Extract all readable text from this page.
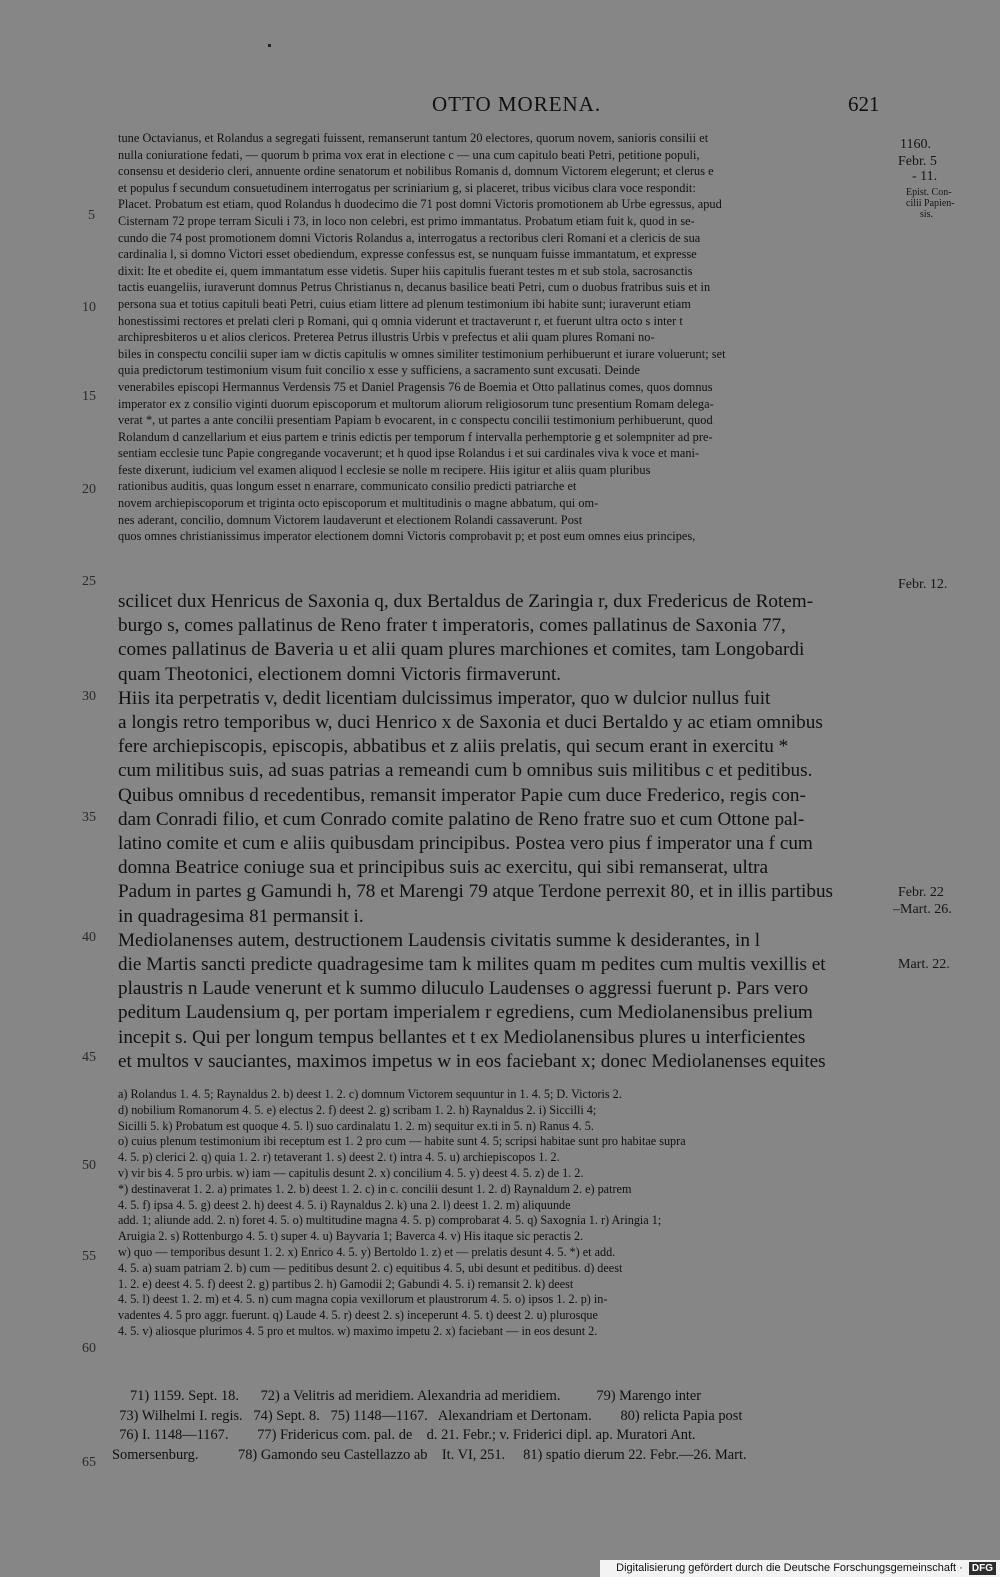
OTTO MORENA.	621
5
10
15
20
25
30
35
40
45
50
55
60
65
1160.
Febr. 5
- 11.
Epist. Con-
cilii Papien-
sis.
Febr. 12.
Febr. 22
–Mart. 26.
Mart. 22.
tune Octavianus, et Rolandus a segregati fuissent, remanserunt tantum 20 electores, quorum novem, sanioris consilii et
nulla coniuratione fedati, — quorum b prima vox erat in electione c — una cum capitulo beati Petri, petitione populi,
consensu et desiderio cleri, annuente ordine senatorum et nobilibus Romanis d, domnum Victorem elegerunt; et clerus e
et populus f secundum consuetudinem interrogatus per scriniarium g, si placeret, tribus vicibus clara voce respondit:
Placet. Probatum est etiam, quod Rolandus h duodecimo die 71 post domni Victoris promotionem ab Urbe egressus, apud
Cisternam 72 prope terram Siculi i 73, in loco non celebri, est primo immantatus. Probatum etiam fuit k, quod in se-
cundo die 74 post promotionem domni Victoris Rolandus a, interrogatus a rectoribus cleri Romani et a clericis de sua
cardinalia l, si domno Victori esset obediendum, expresse confessus est, se nunquam fuisse immantatum, et expresse
dixit: Ite et obedite ei, quem immantatum esse videtis. Super hiis capitulis fuerant testes m et sub stola, sacrosanctis
tactis euangeliis, iuraverunt domnus Petrus Christianus n, decanus basilice beati Petri, cum o duobus fratribus suis et in
persona sua et totius capituli beati Petri, cuius etiam littere ad plenum testimonium ibi habite sunt; iuraverunt etiam
honestissimi rectores et prelati cleri p Romani, qui q omnia viderunt et tractaverunt r, et fuerunt ultra octo s inter t
archipresbiteros u et alios clericos. Preterea Petrus illustris Urbis v prefectus et alii quam plures Romani no-
biles in conspectu concilii super iam w dictis capitulis w omnes similiter testimonium perhibuerunt et iurare voluerunt; set
quia predictorum testimonium visum fuit concilio x esse y sufficiens, a sacramento sunt excusati. Deinde
venerabiles episcopi Hermannus Verdensis 75 et Daniel Pragensis 76 de Boemia et Otto pallatinus comes, quos domnus
imperator ex z consilio viginti duorum episcoporum et multorum aliorum religiosorum tunc presentium Romam delega-
verat *, ut partes a ante concilii presentiam Papiam b evocarent, in c conspectu concilii testimonium perhibuerunt, quod
Rolandum d canzellarium et eius partem e trinis edictis per temporum f intervalla perhemptorie g et solempniter ad pre-
sentiam ecclesie tunc Papie congregande vocaverunt; et h quod ipse Rolandus i et sui cardinales viva k voce et mani-
feste dixerunt, iudicium vel examen aliquod l ecclesie se nolle m recipere. Hiis igitur et aliis quam pluribus
rationibus auditis, quas longum esset n enarrare, communicato consilio predicti patriarche et
novem archiepiscoporum et triginta octo episcoporum et multitudinis o magne abbatum, qui om-
nes aderant, concilio, domnum Victorem laudaverunt et electionem Rolandi cassaverunt. Post
quos omnes christianissimus imperator electionem domni Victoris comprobavit p; et post eum omnes eius principes,
scilicet dux Henricus de Saxonia q, dux Bertaldus de Zaringia r, dux Fredericus de Rotem-
burgo s, comes pallatinus de Reno frater t imperatoris, comes pallatinus de Saxonia 77,
comes pallatinus de Baveria u et alii quam plures marchiones et comites, tam Longobardi
quam Theotonici, electionem domni Victoris firmaverunt.
Hiis ita perpetratis v, dedit licentiam dulcissimus imperator, quo w dulcior nullus fuit
a longis retro temporibus w, duci Henrico x de Saxonia et duci Bertaldo y ac etiam omnibus
fere archiepiscopis, episcopis, abbatibus et z aliis prelatis, qui secum erant in exercitu *
cum militibus suis, ad suas patrias a remeandi cum b omnibus suis militibus c et peditibus.
Quibus omnibus d recedentibus, remansit imperator Papie cum duce Frederico, regis con-
dam Conradi filio, et cum Conrado comite palatino de Reno fratre suo et cum Ottone pal-
latino comite et cum e aliis quibusdam principibus. Postea vero pius f imperator una f cum
domna Beatrice coniuge sua et principibus suis ac exercitu, qui sibi remanserat, ultra
Padum in partes g Gamundi h, 78 et Marengi 79 atque Terdone perrexit 80, et in illis partibus
in quadragesima 81 permansit i.
Mediolanenses autem, destructionem Laudensis civitatis summe k desiderantes, in l
die Martis sancti predicte quadragesime tam k milites quam m pedites cum multis vexillis et
plaustris n Laude venerunt et k summo diluculo Laudenses o aggressi fuerunt p. Pars vero
peditum Laudensium q, per portam imperialem r egrediens, cum Mediolanensibus prelium
incepit s. Qui per longum tempus bellantes et t ex Mediolanensibus plures u interficientes
et multos v sauciantes, maximos impetus w in eos faciebant x; donec Mediolanenses equites
a) Rolandus 1. 4. 5; Raynaldus 2. b) deest 1. 2. c) domnum Victorem sequuntur in 1. 4. 5; D. Victoris 2.
d) nobilium Romanorum 4. 5. e) electus 2. f) deest 2. g) scribam 1. 2. h) Raynaldus 2. i) Siccilli 4;
Sicilli 5. k) Probatum est quoque 4. 5. l) suo cardinalatu 1. 2. m) sequitur ex.ti in 5. n) Ranus 4. 5.
o) cuius plenum testimonium ibi receptum est 1. 2 pro cum — habite sunt 4. 5; scripsi habitae sunt pro habitae supra
4. 5. p) clerici 2. q) quia 1. 2. r) tetaverant 1. s) deest 2. t) intra 4. 5. u) archiepiscopos 1. 2.
v) vir bis 4. 5 pro urbis. w) iam — capitulis desunt 2. x) concilium 4. 5. y) deest 4. 5. z) de 1. 2.
*) destinaverat 1. 2. a) primates 1. 2. b) deest 1. 2. c) in c. concilii desunt 1. 2. d) Raynaldum 2. e) patrem
4. 5. f) ipsa 4. 5. g) deest 2. h) deest 4. 5. i) Raynaldus 2. k) una 2. l) deest 1. 2. m) aliquunde
add. 1; aliunde add. 2. n) foret 4. 5. o) multitudine magna 4. 5. p) comprobarat 4. 5. q) Saxognia 1. r) Aringia 1;
Aruigia 2. s) Rottenburgo 4. 5. t) super 4. u) Bayvaria 1; Baverca 4. v) His itaque sic peractis 2.
w) quo — temporibus desunt 1. 2. x) Enrico 4. 5. y) Bertoldo 1. z) et — prelatis desunt 4. 5. *) et add.
4. 5. a) suam patriam 2. b) cum — peditibus desunt 2. c) equitibus 4. 5, ubi desunt et peditibus. d) deest
1. 2. e) deest 4. 5. f) deest 2. g) partibus 2. h) Gamodii 2; Gabundi 4. 5. i) remansit 2. k) deest
4. 5. l) deest 1. 2. m) et 4. 5. n) cum magna copia vexillorum et plaustrorum 4. 5. o) ipsos 1. 2. p) in-
vadentes 4. 5 pro aggr. fuerunt. q) Laude 4. 5. r) deest 2. s) inceperunt 4. 5. t) deest 2. u) plurosque
4. 5. v) aliosque plurimos 4. 5 pro et multos. w) maximo impetu 2. x) faciebant — in eos desunt 2.
71) 1159. Sept. 18.      72) a Velitris ad meridiem. Alexandria ad meridiem.          79) Marengo inter
73) Wilhelmi I. regis.   74) Sept. 8.   75) 1148—1167.   Alexandriam et Dertonam.        80) relicta Papia post
76) I. 1148—1167.        77) Fridericus com. pal. de    d. 21. Febr.; v. Friderici dipl. ap. Muratori Ant.
Somersenburg.           78) Gamondo seu Castellazzo ab    It. VI, 251.     81) spatio dierum 22. Febr.—26. Mart.
Digitalisierung gefördert durch die Deutsche Forschungsgemeinschaft · DFG
